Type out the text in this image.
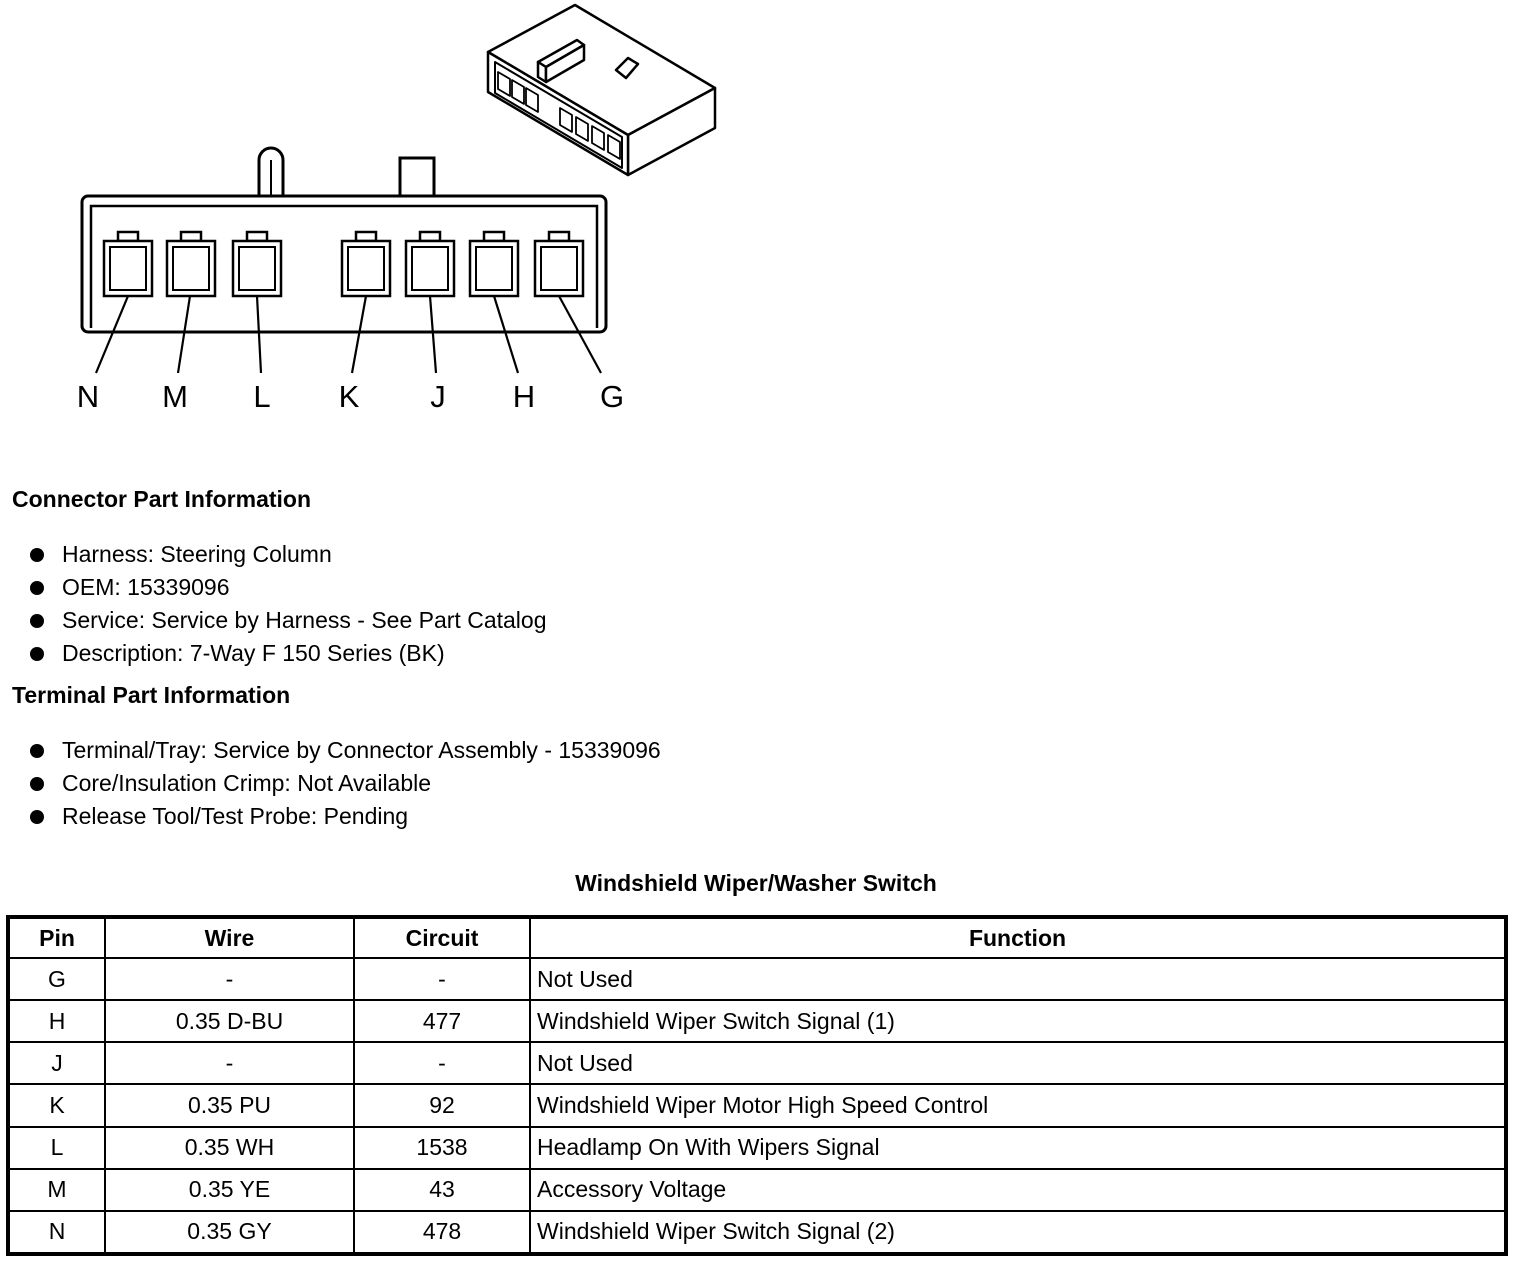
N M L K J H G
Connector Part Information
Harness: Steering Column
OEM: 15339096
Service: Service by Harness - See Part Catalog
Description: 7-Way F 150 Series (BK)
Terminal Part Information
Terminal/Tray: Service by Connector Assembly - 15339096
Core/Insulation Crimp: Not Available
Release Tool/Test Probe: Pending
Windshield Wiper/Washer Switch
Pin	Wire	Circuit	Function
G	-	-	Not Used
H	0.35 D-BU	477	Windshield Wiper Switch Signal (1)
J	-	-	Not Used
K	0.35 PU	92	Windshield Wiper Motor High Speed Control
L	0.35 WH	1538	Headlamp On With Wipers Signal
M	0.35 YE	43	Accessory Voltage
N	0.35 GY	478	Windshield Wiper Switch Signal (2)
